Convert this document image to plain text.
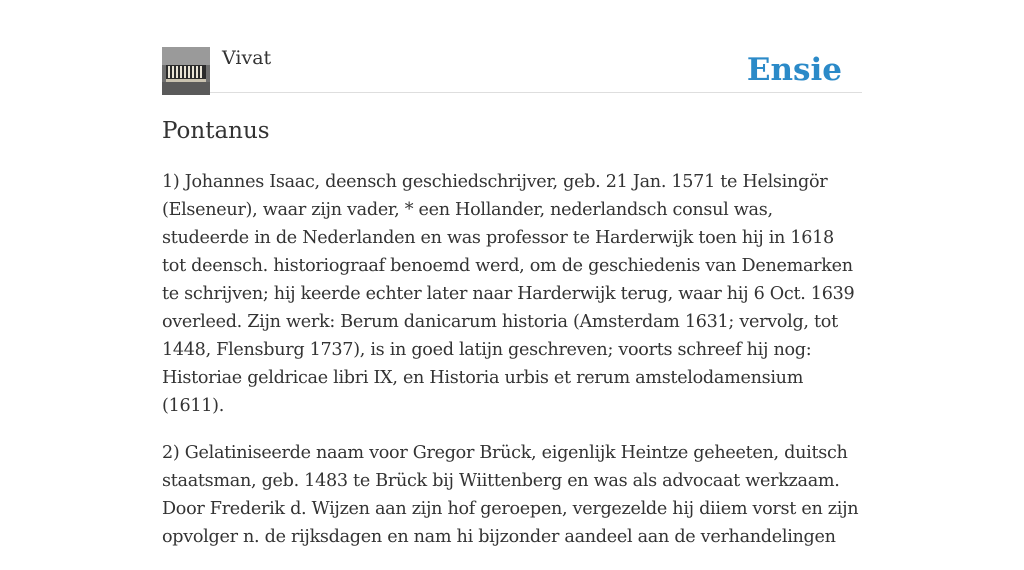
Vivat	Ensie
Pontanus

1) Johannes Isaac, deensch geschiedschrijver, geb. 21 Jan. 1571 te Helsingör (Elseneur), waar zijn vader, * een Hollander, nederlandsch consul was, studeerde in de Nederlanden en was professor te Harderwijk toen hij in 1618 tot deensch. historiograaf benoemd werd, om de geschiedenis van Denemarken te schrijven; hij keerde echter later naar Harderwijk terug, waar hij 6 Oct. 1639 overleed. Zijn werk: Berum danicarum historia (Amsterdam 1631; vervolg, tot 1448, Flensburg 1737), is in goed latijn geschreven; voorts schreef hij nog: Historiae geldricae libri IX, en Historia urbis et rerum amstelodamensium (1611).

2) Gelatiniseerde naam voor Gregor Brück, eigenlijk Heintze geheeten, duitsch staatsman, geb. 1483 te Brück bij Wiittenberg en was als advocaat werkzaam. Door Frederik d. Wijzen aan zijn hof geroepen, vergezelde hij diiem vorst en zijn opvolger n. de rijksdagen en nam hi bijzonder aandeel aan de verhandelingen
